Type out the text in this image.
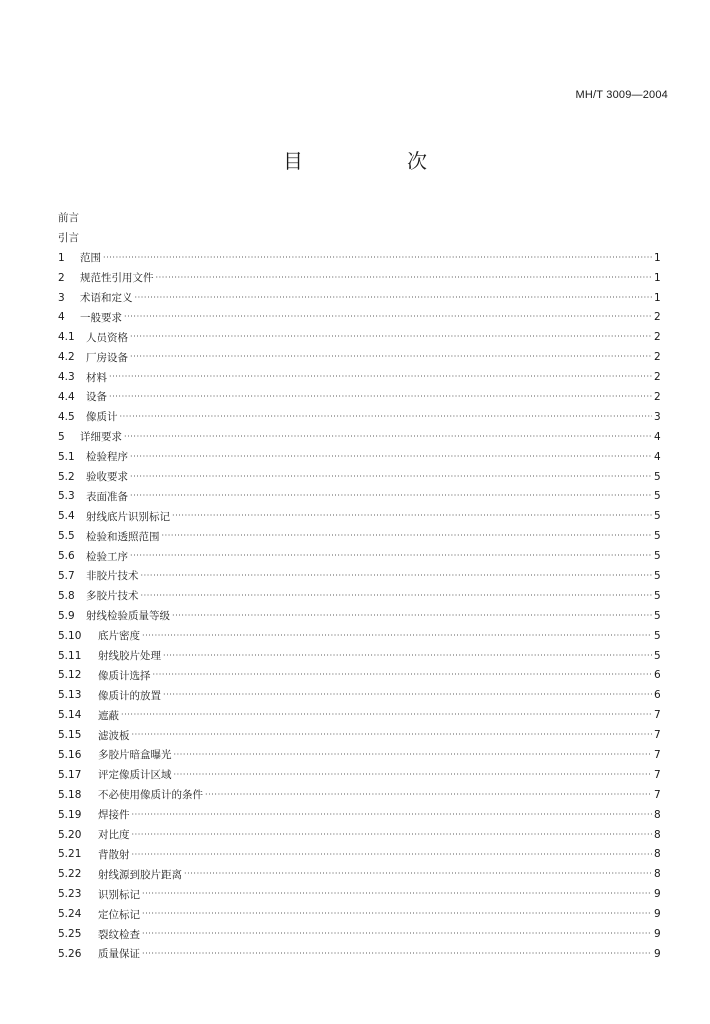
MH/T 3009—2004
目　次
前言
引言
1	范围 ·····	1
2	规范性引用文件 ·····	1
3	术语和定义 ·····	1
4	一般要求 ·····	2
4.1	人员资格 ·····	2
4.2	厂房设备 ·····	2
4.3	材料 ·····	2
4.4	设备 ·····	2
4.5	像质计 ·····	3
5	详细要求 ·····	4
5.1	检验程序 ·····	4
5.2	验收要求 ·····	5
5.3	表面准备 ·····	5
5.4	射线底片识别标记 ·····	5
5.5	检验和透照范围 ·····	5
5.6	检验工序 ·····	5
5.7	非胶片技术 ·····	5
5.8	多胶片技术 ·····	5
5.9	射线检验质量等级 ·····	5
5.10	底片密度 ·····	5
5.11	射线胶片处理 ·····	5
5.12	像质计选择 ·····	6
5.13	像质计的放置 ·····	6
5.14	遮蔽 ·····	7
5.15	滤波板 ·····	7
5.16	多胶片暗盒曝光 ·····	7
5.17	评定像质计区域 ·····	7
5.18	不必使用像质计的条件 ·····	7
5.19	焊接件 ·····	8
5.20	对比度 ·····	8
5.21	背散射 ·····	8
5.22	射线源到胶片距离 ·····	8
5.23	识别标记 ·····	9
5.24	定位标记 ·····	9
5.25	裂纹检查 ·····	9
5.26	质量保证 ·····	9
